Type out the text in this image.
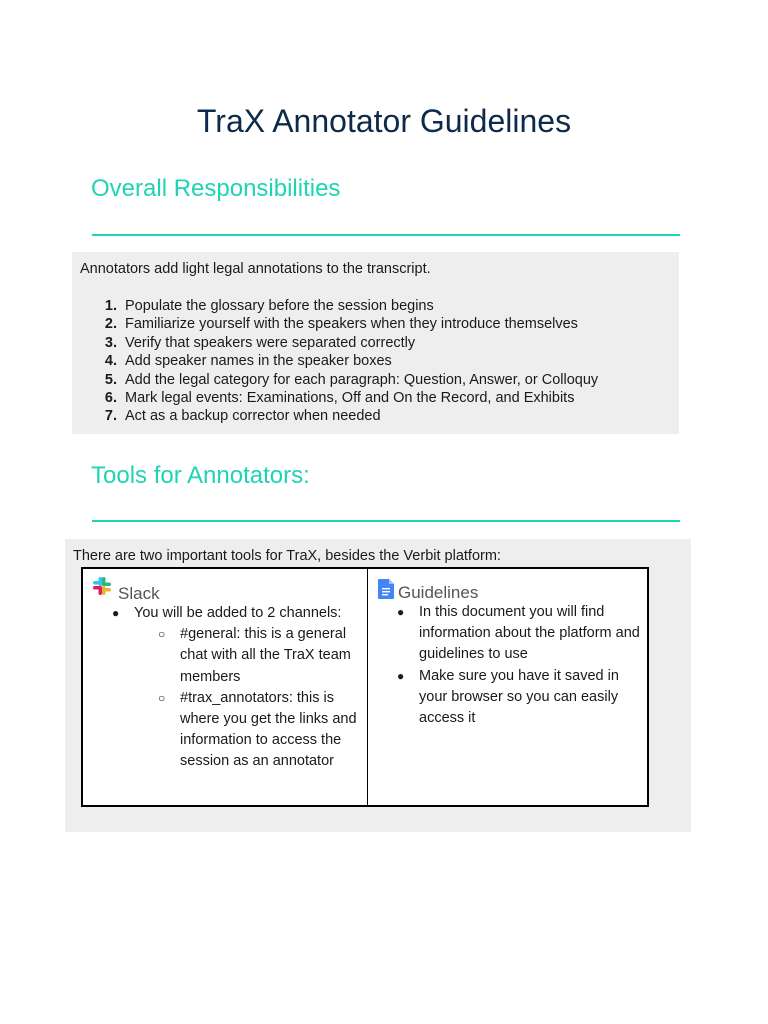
TraX Annotator Guidelines
Overall Responsibilities

Annotators add light legal annotations to the transcript.

1. Populate the glossary before the session begins
2. Familiarize yourself with the speakers when they introduce themselves
3. Verify that speakers were separated correctly
4. Add speaker names in the speaker boxes
5. Add the legal category for each paragraph: Question, Answer, or Colloquy
6. Mark legal events: Examinations, Off and On the Record, and Exhibits
7. Act as a backup corrector when needed
Tools for Annotators:

There are two important tools for TraX, besides the Verbit platform:

Slack
● You will be added to 2 channels:
○ #general: this is a general chat with all the TraX team members
○ #trax_annotators: this is where you get the links and information to access the session as an annotator
Guidelines
● In this document you will find information about the platform and guidelines to use
● Make sure you have it saved in your browser so you can easily access it
